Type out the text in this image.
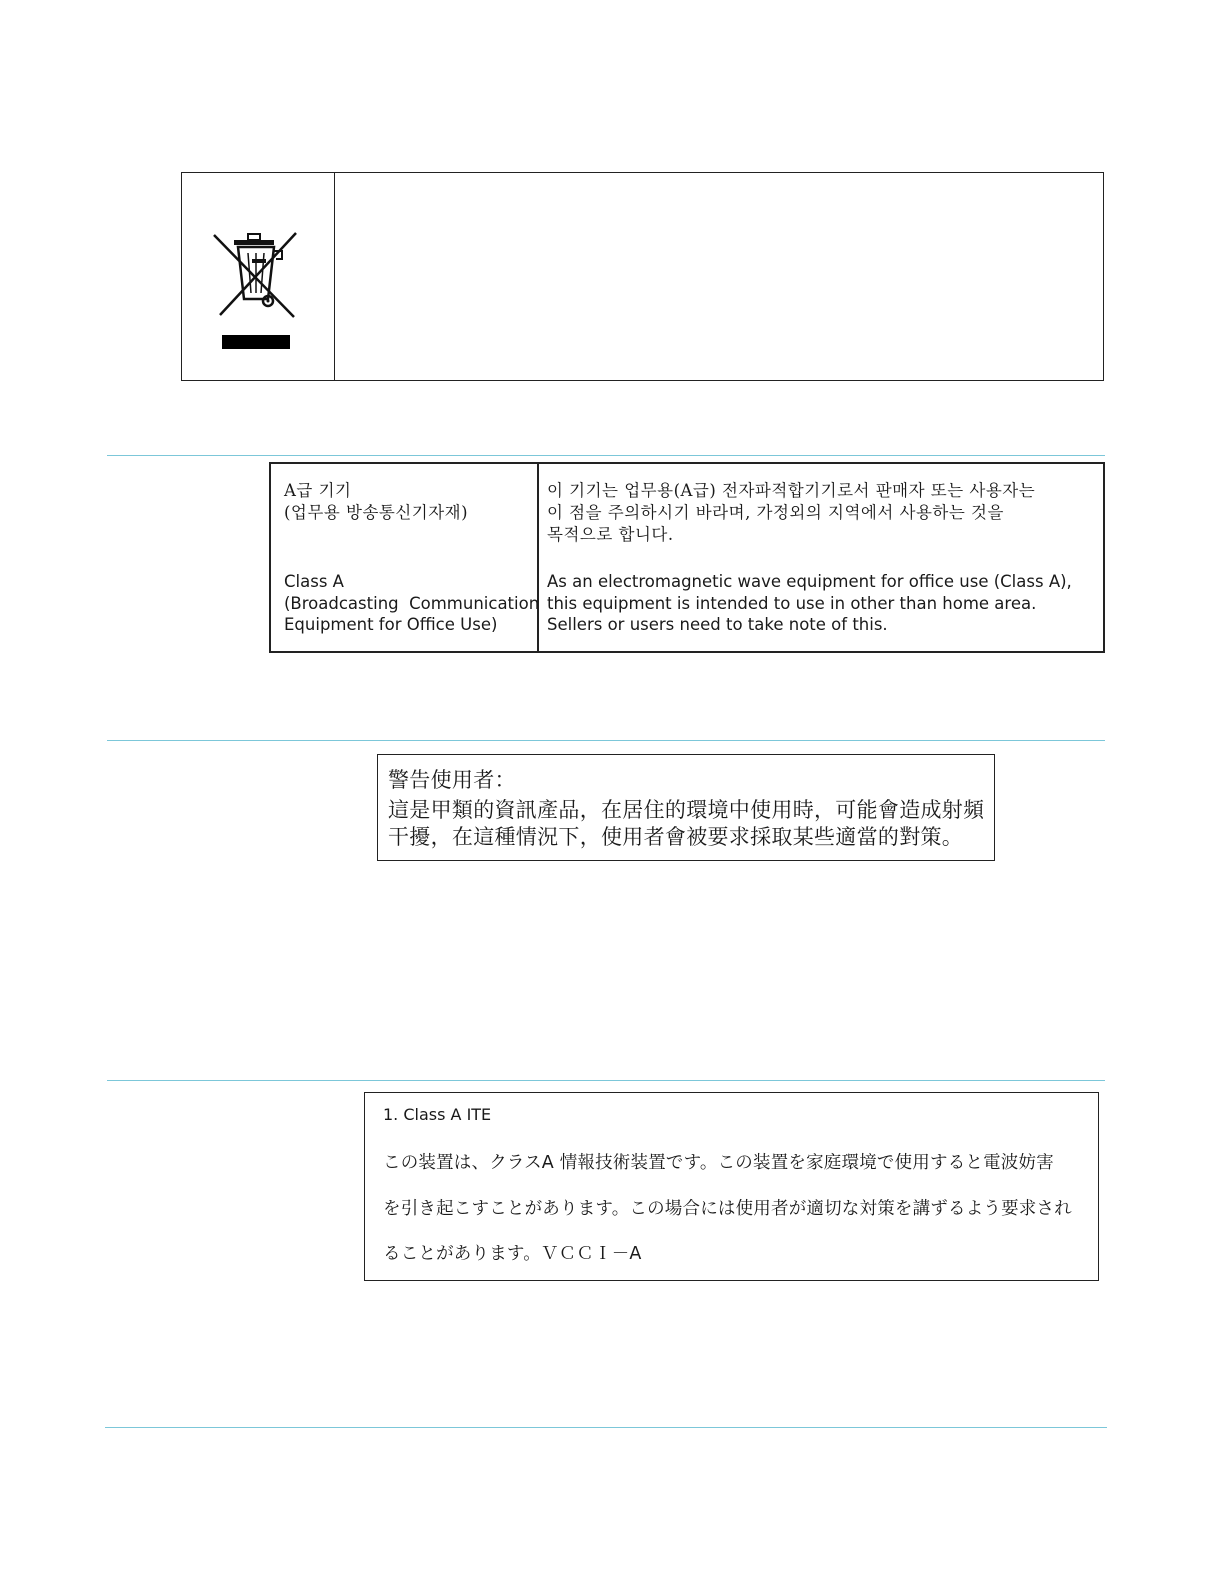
A급 기기
(업무용 방송통신기자재)
Class A
(Broadcasting  Communication
Equipment for Office Use)
이 기기는 업무용(A급) 전자파적합기기로서 판매자 또는 사용자는
이 점을 주의하시기 바라며, 가정외의 지역에서 사용하는 것을
목적으로 합니다.
As an electromagnetic wave equipment for office use (Class A),
this equipment is intended to use in other than home area.
Sellers or users need to take note of this.
警告使用者：
這是甲類的資訊產品，在居住的環境中使用時，可能會造成射頻
干擾，在這種情況下，使用者會被要求採取某些適當的對策。
1. Class A ITE
この装置は、クラスA 情報技術装置です。この装置を家庭環境で使用すると電波妨害
を引き起こすことがあります。この場合には使用者が適切な対策を講ずるよう要求され
ることがあります。ＶＣＣＩ－A
